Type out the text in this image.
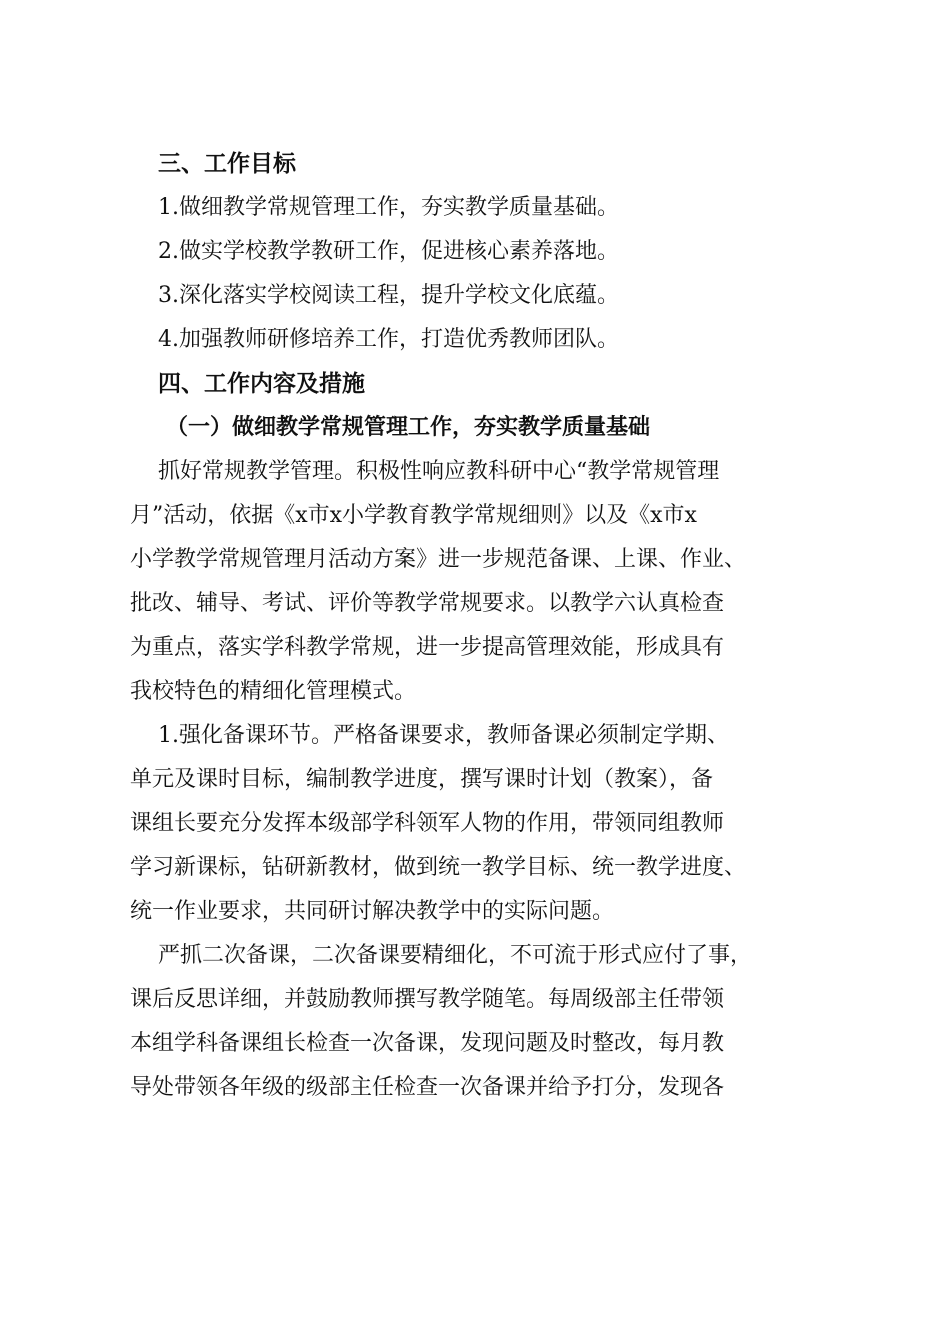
三、工作目标
1.做细教学常规管理工作，夯实教学质量基础。
2.做实学校教学教研工作，促进核心素养落地。
3.深化落实学校阅读工程，提升学校文化底蕴。
4.加强教师研修培养工作，打造优秀教师团队。
四、工作内容及措施
（一）做细教学常规管理工作，夯实教学质量基础
抓好常规教学管理。积极性响应教科研中心“教学常规管理
月”活动，依据《x市x小学教育教学常规细则》以及《x市x
小学教学常规管理月活动方案》进一步规范备课、上课、作业、
批改、辅导、考试、评价等教学常规要求。以教学六认真检查
为重点，落实学科教学常规，进一步提高管理效能，形成具有
我校特色的精细化管理模式。
1.强化备课环节。严格备课要求，教师备课必须制定学期、
单元及课时目标，编制教学进度，撰写课时计划（教案），备
课组长要充分发挥本级部学科领军人物的作用，带领同组教师
学习新课标，钻研新教材，做到统一教学目标、统一教学进度、
统一作业要求，共同研讨解决教学中的实际问题。
严抓二次备课，二次备课要精细化，不可流于形式应付了事，
课后反思详细，并鼓励教师撰写教学随笔。每周级部主任带领
本组学科备课组长检查一次备课，发现问题及时整改，每月教
导处带领各年级的级部主任检查一次备课并给予打分，发现各
